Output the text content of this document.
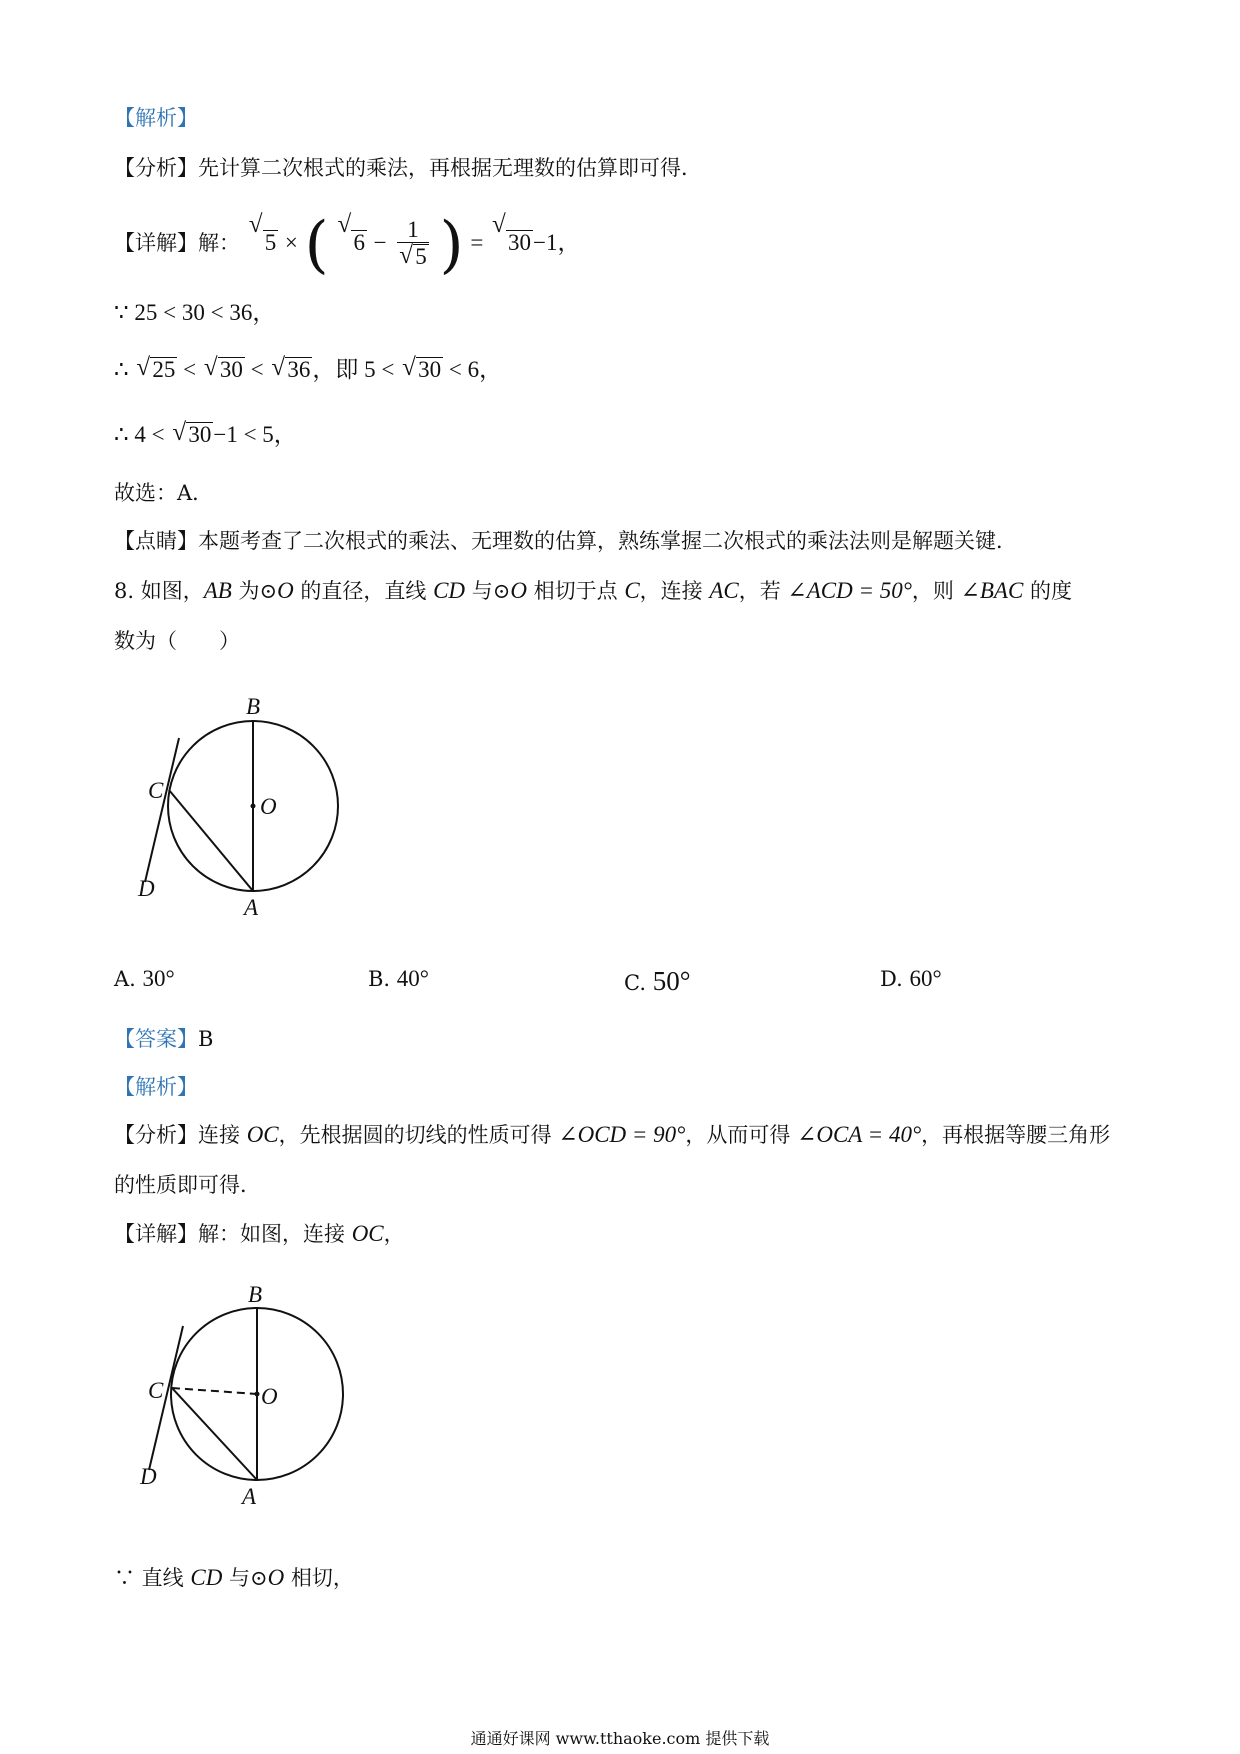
【解析】
【分析】先计算二次根式的乘法，再根据无理数的估算即可得．
【详解】解：
√
5 × ( √
$6 - \frac{1}{√ 5}$ ) =
√
30−1，
∵ 25 < 30 < 36，
∴ √ 25 < √ 30 < √ 36，即 5 < √ 30 < 6，
∴ 4 < √ 30−1 < 5，
故选：A．
【点睛】本题考查了二次根式的乘法、无理数的估算，熟练掌握二次根式的乘法法则是解题关键．
8. 如图，AB 为⊙O 的直径，直线 CD 与⊙O 相切于点 C，连接 AC，若 ∠ACD = 50°，则 ∠BAC 的度
数为（　　）
B
C
O
D
A
A. 30°	B. 40°	C. 50°	D. 60°
【答案】B
【解析】
【分析】连接 OC，先根据圆的切线的性质可得 ∠OCD = 90°，从而可得 ∠OCA = 40°，再根据等腰三角形
的性质即可得．
【详解】解：如图，连接 OC，
B
C	O
D
A
∵ 直线 CD 与⊙O 相切，
通通好课网 www.tthaoke.com 提供下载
